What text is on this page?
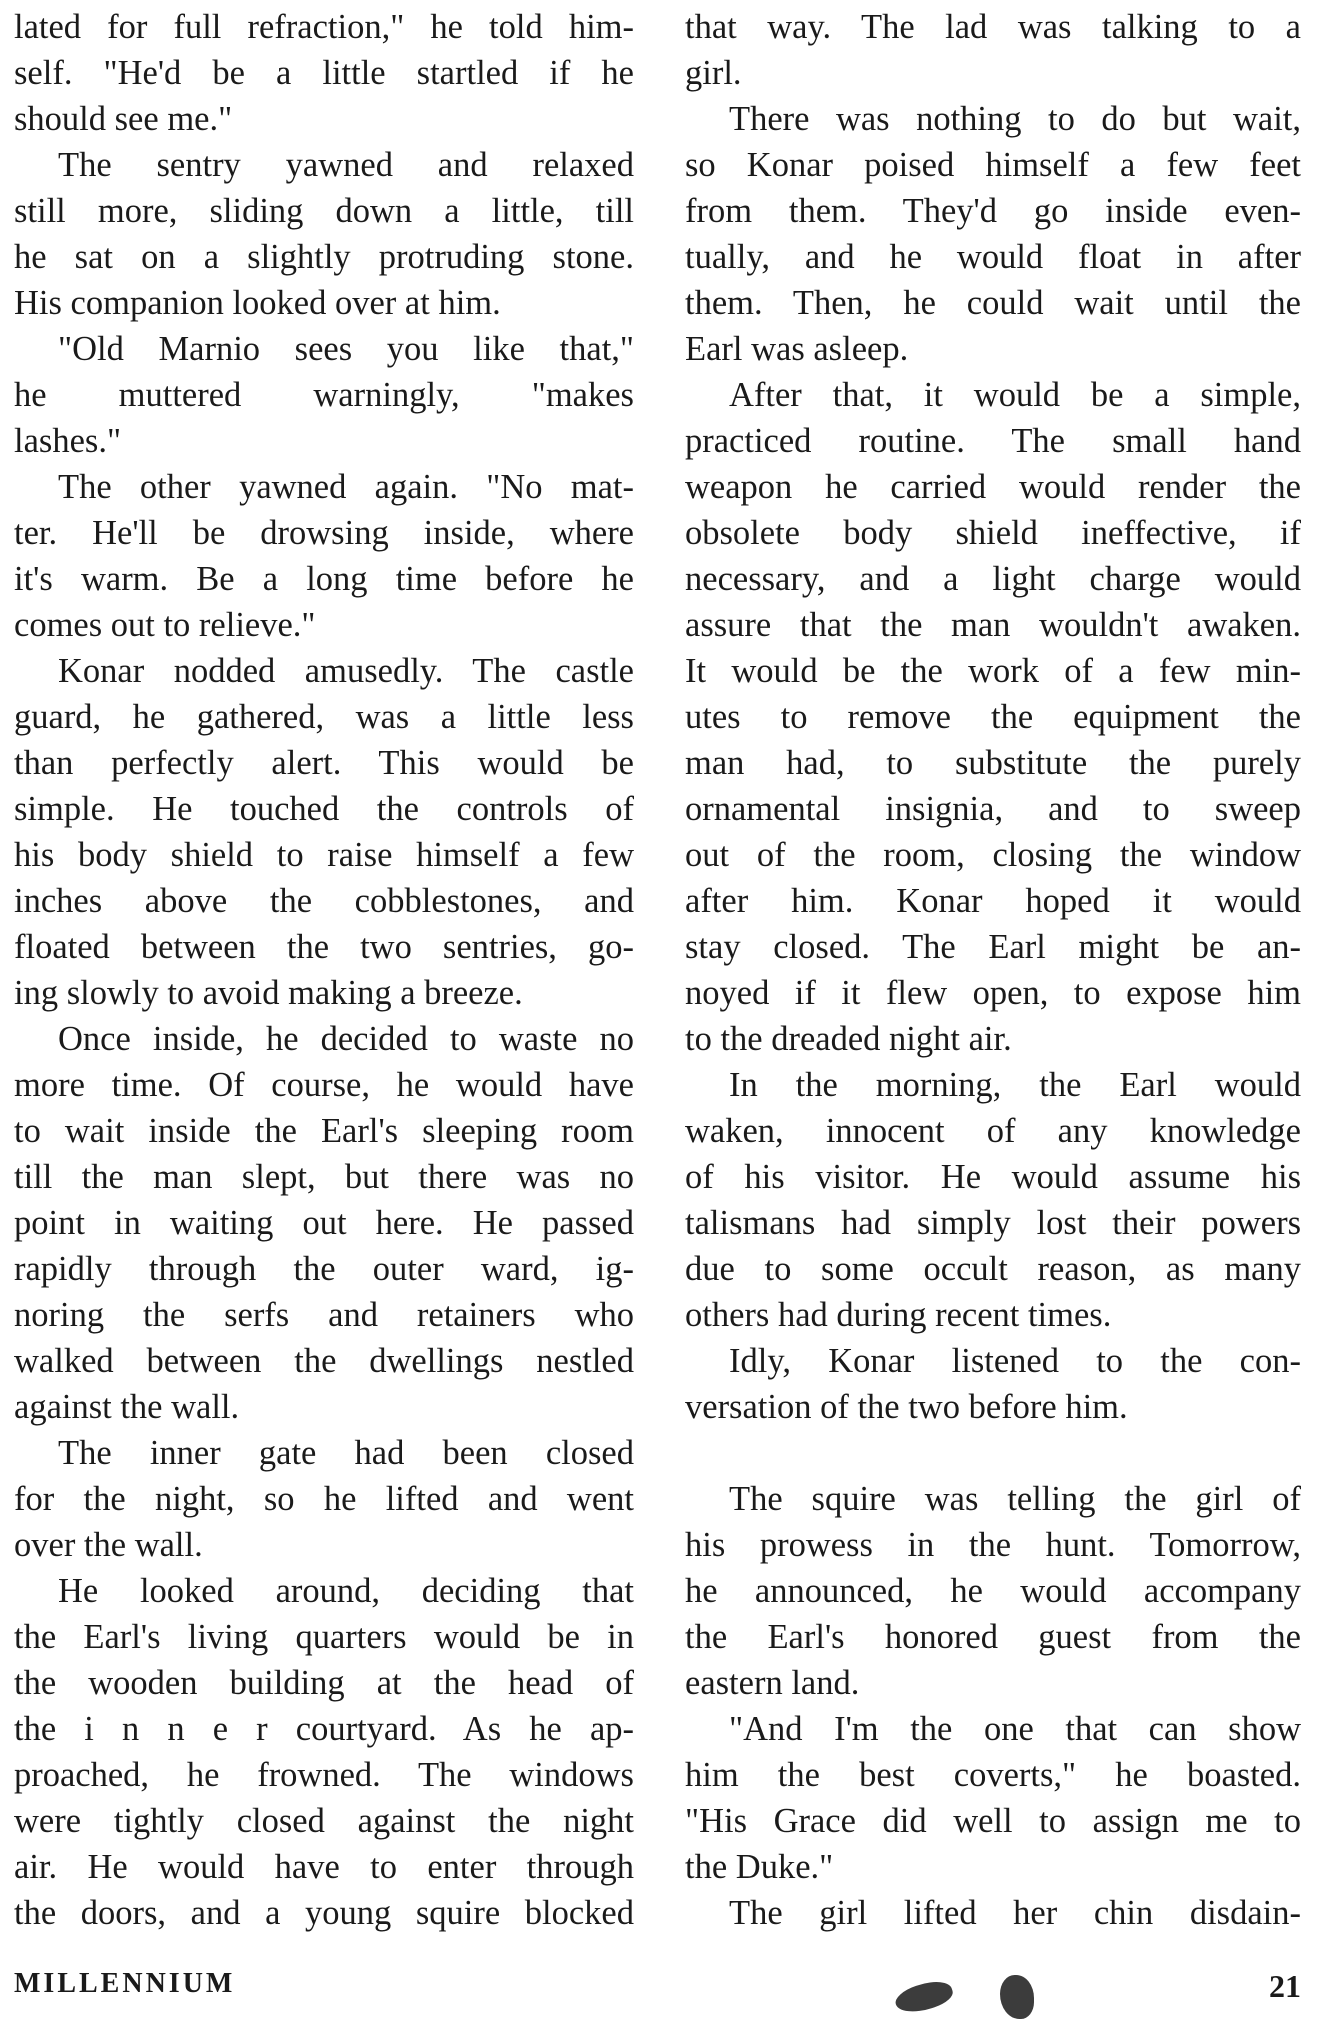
lated for full refraction," he told him-
self. "He'd be a little startled if he
should see me."
The sentry yawned and relaxed
still more, sliding down a little, till
he sat on a slightly protruding stone.
His companion looked over at him.
"Old Marnio sees you like that,"
he muttered warningly, "makes
lashes."
The other yawned again. "No mat-
ter. He'll be drowsing inside, where
it's warm. Be a long time before he
comes out to relieve."
Konar nodded amusedly. The castle
guard, he gathered, was a little less
than perfectly alert. This would be
simple. He touched the controls of
his body shield to raise himself a few
inches above the cobblestones, and
floated between the two sentries, go-
ing slowly to avoid making a breeze.
Once inside, he decided to waste no
more time. Of course, he would have
to wait inside the Earl's sleeping room
till the man slept, but there was no
point in waiting out here. He passed
rapidly through the outer ward, ig-
noring the serfs and retainers who
walked between the dwellings nestled
against the wall.
The inner gate had been closed
for the night, so he lifted and went
over the wall.
He looked around, deciding that
the Earl's living quarters would be in
the wooden building at the head of
the i n n e r courtyard. As he ap-
proached, he frowned. The windows
were tightly closed against the night
air. He would have to enter through
the doors, and a young squire blocked
that way. The lad was talking to a
girl.
There was nothing to do but wait,
so Konar poised himself a few feet
from them. They'd go inside even-
tually, and he would float in after
them. Then, he could wait until the
Earl was asleep.
After that, it would be a simple,
practiced routine. The small hand
weapon he carried would render the
obsolete body shield ineffective, if
necessary, and a light charge would
assure that the man wouldn't awaken.
It would be the work of a few min-
utes to remove the equipment the
man had, to substitute the purely
ornamental insignia, and to sweep
out of the room, closing the window
after him. Konar hoped it would
stay closed. The Earl might be an-
noyed if it flew open, to expose him
to the dreaded night air.
In the morning, the Earl would
waken, innocent of any knowledge
of his visitor. He would assume his
talismans had simply lost their powers
due to some occult reason, as many
others had during recent times.
Idly, Konar listened to the con-
versation of the two before him.
The squire was telling the girl of
his prowess in the hunt. Tomorrow,
he announced, he would accompany
the Earl's honored guest from the
eastern land.
"And I'm the one that can show
him the best coverts," he boasted.
"His Grace did well to assign me to
the Duke."
The girl lifted her chin disdain-
MILLENNIUM	21
